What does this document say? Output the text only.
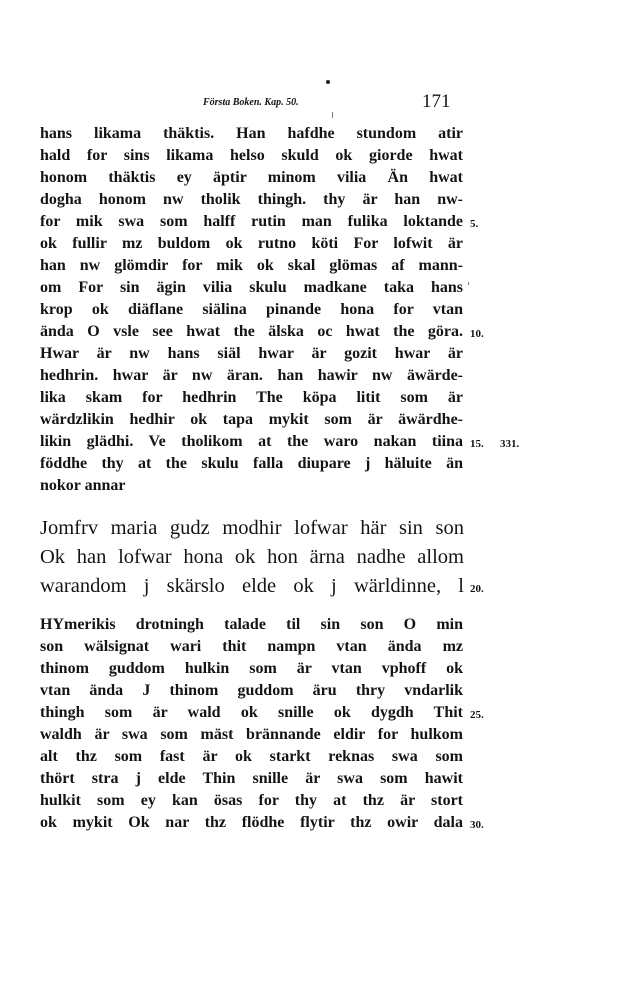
Första Boken. Kap. 50.	171
hans likama thäktis. Han hafdhe stundom atir
hald for sins likama helso skuld ok giorde hwat
honom thäktis ey äptir minom vilia Än hwat
dogha honom nw tholik thingh. thy är han nw-
for mik swa som halff rutin man fulika loktande
ok fullir mz buldom ok rutno köti For lofwit är
han nw glömdir for mik ok skal glömas af mann-
om For sin ägin vilia skulu madkane taka hans
krop ok diäflane siälina pinande hona for vtan
ända O vsle see hwat the älska oc hwat the göra.
Hwar är nw hans siäl hwar är gozit hwar är
hedhrin. hwar är nw äran. han hawir nw äwärde-
lika skam for hedhrin The köpa litit som är
wärdzlikin hedhir ok tapa mykit som är äwärdhe-
likin glädhi. Ve tholikom at the waro nakan tiina
föddhe thy at the skulu falla diupare j häluite än
nokor annar
Jomfrv maria gudz modhir lofwar här sin son
Ok han lofwar hona ok hon ärna nadhe allom
warandom j skärslo elde ok j wärldinne, l
HYmerikis drotningh talade til sin son O min
son wälsignat wari thit nampn vtan ända mz
thinom guddom hulkin som är vtan vphoff ok
vtan ända J thinom guddom äru thry vndarlik
thingh som är wald ok snille ok dygdh Thit
waldh är swa som mäst brännande eldir for hulkom
alt thz som fast är ok starkt reknas swa som
thört stra j elde Thin snille är swa som hawit
hulkit som ey kan ösas for thy at thz är stort
ok mykit Ok nar thz flödhe flytir thz owir dala
5.
10.
15. 331.
20.
25.
30.
